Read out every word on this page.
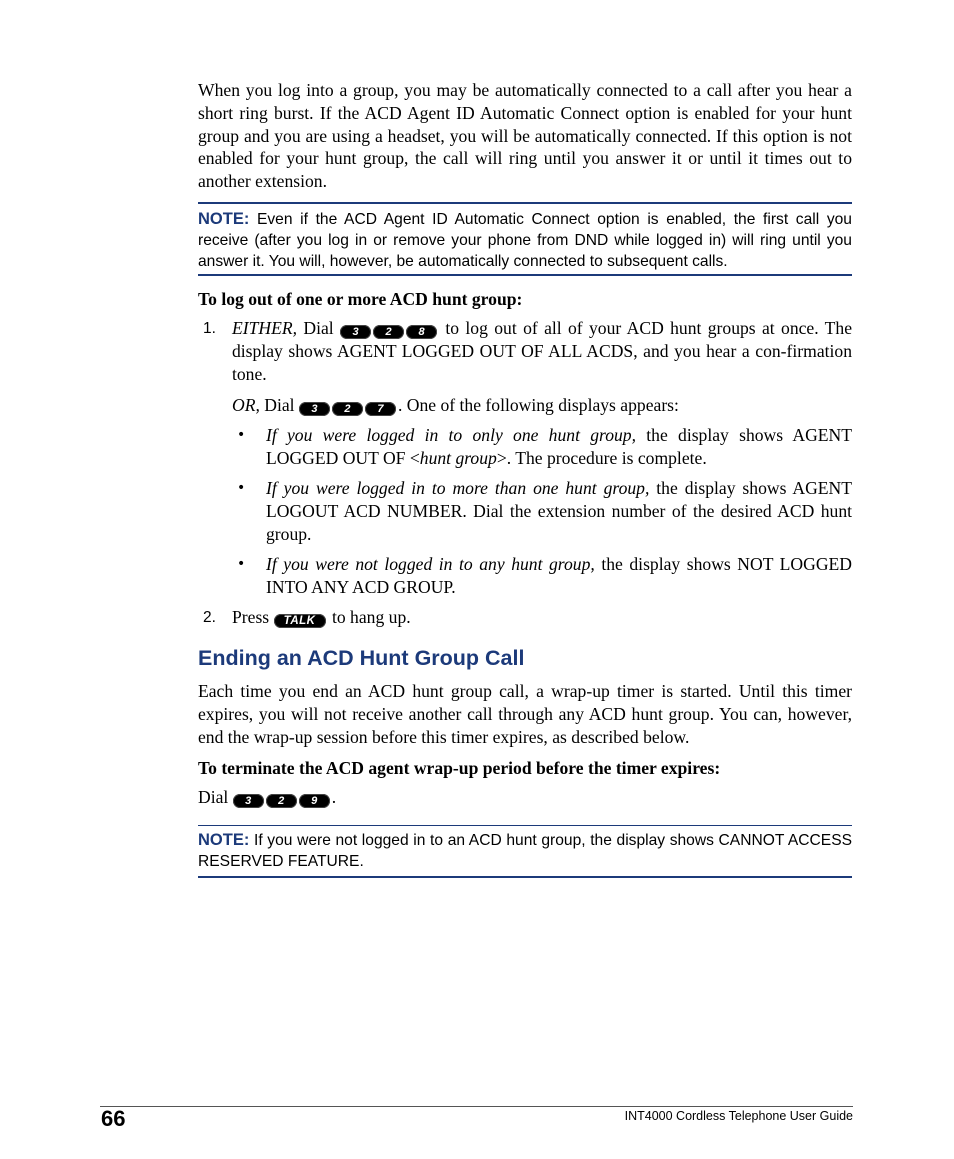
When you log into a group, you may be automatically connected to a call after you hear a short ring burst. If the ACD Agent ID Automatic Connect option is enabled for your hunt group and you are using a headset, you will be automatically connected. If this option is not enabled for your hunt group, the call will ring until you answer it or until it times out to another extension.

NOTE: Even if the ACD Agent ID Automatic Connect option is enabled, the first call you receive (after you log in or remove your phone from DND while logged in) will ring until you answer it. You will, however, be automatically connected to subsequent calls.

To log out of one or more ACD hunt group:

1. EITHER, Dial 3 2 8 to log out of all of your ACD hunt groups at once. The display shows AGENT LOGGED OUT OF ALL ACDS, and you hear a con-firmation tone.

OR, Dial 3 2 7 . One of the following displays appears:

• If you were logged in to only one hunt group, the display shows AGENT LOGGED OUT OF <hunt group>. The procedure is complete.

• If you were logged in to more than one hunt group, the display shows AGENT LOGOUT ACD NUMBER. Dial the extension number of the desired ACD hunt group.

• If you were not logged in to any hunt group, the display shows NOT LOGGED INTO ANY ACD GROUP.

2. Press TALK to hang up.

Ending an ACD Hunt Group Call

Each time you end an ACD hunt group call, a wrap-up timer is started. Until this timer expires, you will not receive another call through any ACD hunt group. You can, however, end the wrap-up session before this timer expires, as described below.

To terminate the ACD agent wrap-up period before the timer expires:

Dial 3 2 9 .

NOTE: If you were not logged in to an ACD hunt group, the display shows CANNOT ACCESS RESERVED FEATURE.

66	INT4000 Cordless Telephone User Guide
